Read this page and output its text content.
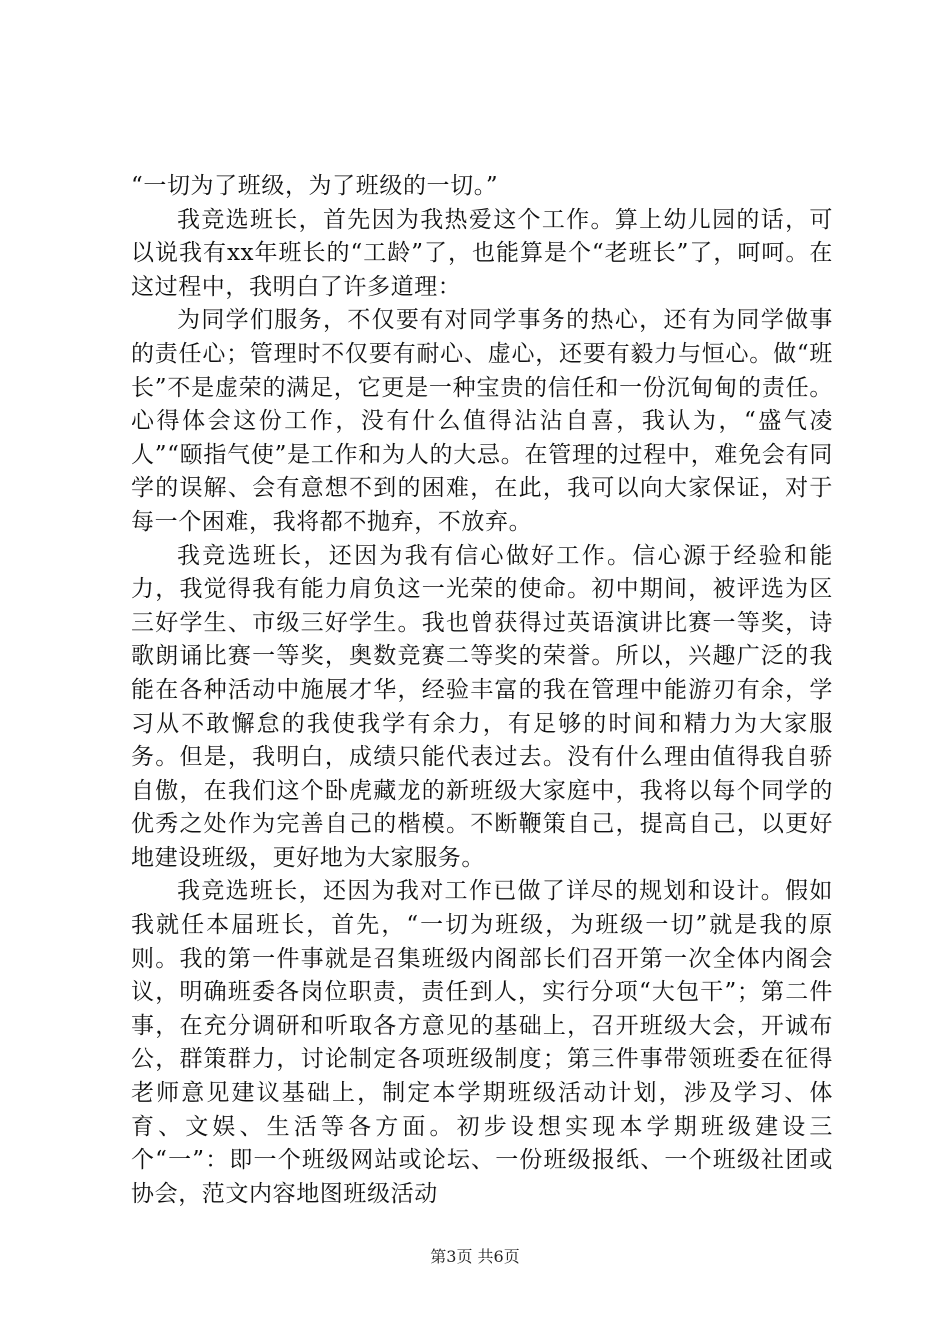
“一切为了班级，为了班级的一切。”

我竞选班长，首先因为我热爱这个工作。算上幼儿园的话，可以说我有xx年班长的“工龄”了，也能算是个“老班长”了，呵呵。在这过程中，我明白了许多道理：

为同学们服务，不仅要有对同学事务的热心，还有为同学做事的责任心；管理时不仅要有耐心、虚心，还要有毅力与恒心。做“班长”不是虚荣的满足，它更是一种宝贵的信任和一份沉甸甸的责任。心得体会这份工作，没有什么值得沾沾自喜，我认为，“盛气凌人”“颐指气使”是工作和为人的大忌。在管理的过程中，难免会有同学的误解、会有意想不到的困难，在此，我可以向大家保证，对于每一个困难，我将都不抛弃，不放弃。

我竞选班长，还因为我有信心做好工作。信心源于经验和能力，我觉得我有能力肩负这一光荣的使命。初中期间，被评选为区三好学生、市级三好学生。我也曾获得过英语演讲比赛一等奖，诗歌朗诵比赛一等奖，奥数竞赛二等奖的荣誉。所以，兴趣广泛的我能在各种活动中施展才华，经验丰富的我在管理中能游刃有余，学习从不敢懈怠的我使我学有余力，有足够的时间和精力为大家服务。但是，我明白，成绩只能代表过去。没有什么理由值得我自骄自傲，在我们这个卧虎藏龙的新班级大家庭中，我将以每个同学的优秀之处作为完善自己的楷模。不断鞭策自己，提高自己，以更好地建设班级，更好地为大家服务。

我竞选班长，还因为我对工作已做了详尽的规划和设计。假如我就任本届班长，首先，“一切为班级，为班级一切”就是我的原则。我的第一件事就是召集班级内阁部长们召开第一次全体内阁会议，明确班委各岗位职责，责任到人，实行分项“大包干”；第二件事，在充分调研和听取各方意见的基础上，召开班级大会，开诚布公，群策群力，讨论制定各项班级制度；第三件事带领班委在征得老师意见建议基础上，制定本学期班级活动计划，涉及学习、体育、文娱、生活等各方面。初步设想实现本学期班级建设三个“一”：即一个班级网站或论坛、一份班级报纸、一个班级社团或协会，范文内容地图班级活动

第3页 共6页
